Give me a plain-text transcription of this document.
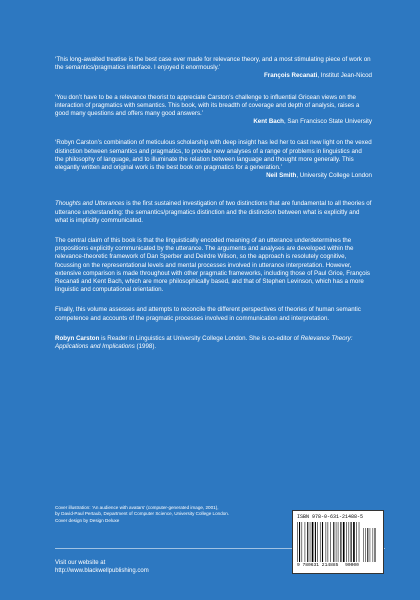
‘This long-awaited treatise is the best case ever made for relevance theory, and a most stimulating piece of work on the semantics/pragmatics interface. I enjoyed it enormously.’
François Recanati, Institut Jean-Nicod
‘You don’t have to be a relevance theorist to appreciate Carston’s challenge to influential Gricean views on the interaction of pragmatics with semantics. This book, with its breadth of coverage and depth of analysis, raises a good many questions and offers many good answers.’
Kent Bach, San Francisco State University
‘Robyn Carston’s combination of meticulous scholarship with deep insight has led her to cast new light on the vexed distinction between semantics and pragmatics, to provide new analyses of a range of problems in linguistics and the philosophy of language, and to illuminate the relation between language and thought more generally. This elegantly written and original work is the best book on pragmatics for a generation.’
Neil Smith, University College London
Thoughts and Utterances is the first sustained investigation of two distinctions that are fundamental to all theories of utterance understanding: the semantics/pragmatics distinction and the distinction between what is explicitly and what is implicitly communicated.
The central claim of this book is that the linguistically encoded meaning of an utterance underdetermines the propositions explicitly communicated by the utterance. The arguments and analyses are developed within the relevance-theoretic framework of Dan Sperber and Deirdre Wilson, so the approach is resolutely cognitive, focussing on the representational levels and mental processes involved in utterance interpretation. However, extensive comparison is made throughout with other pragmatic frameworks, including those of Paul Grice, François Recanati and Kent Bach, which are more philosophically based, and that of Stephen Levinson, which has a more linguistic and computational orientation.
Finally, this volume assesses and attempts to reconcile the different perspectives of theories of human semantic competence and accounts of the pragmatic processes involved in communication and interpretation.
Robyn Carston is Reader in Linguistics at University College London. She is co-editor of Relevance Theory: Applications and Implications (1998).
Cover illustration: ‘An audience with avatars’ (computer-generated image, 2001),
by David-Paul Pertaub, Department of Computer Science, University College London.
Cover design by Design Deluxe
Visit our website at
http://www.blackwellpublishing.com
ISBN 978-0-631-21488-5
9 780631 214885 90000
